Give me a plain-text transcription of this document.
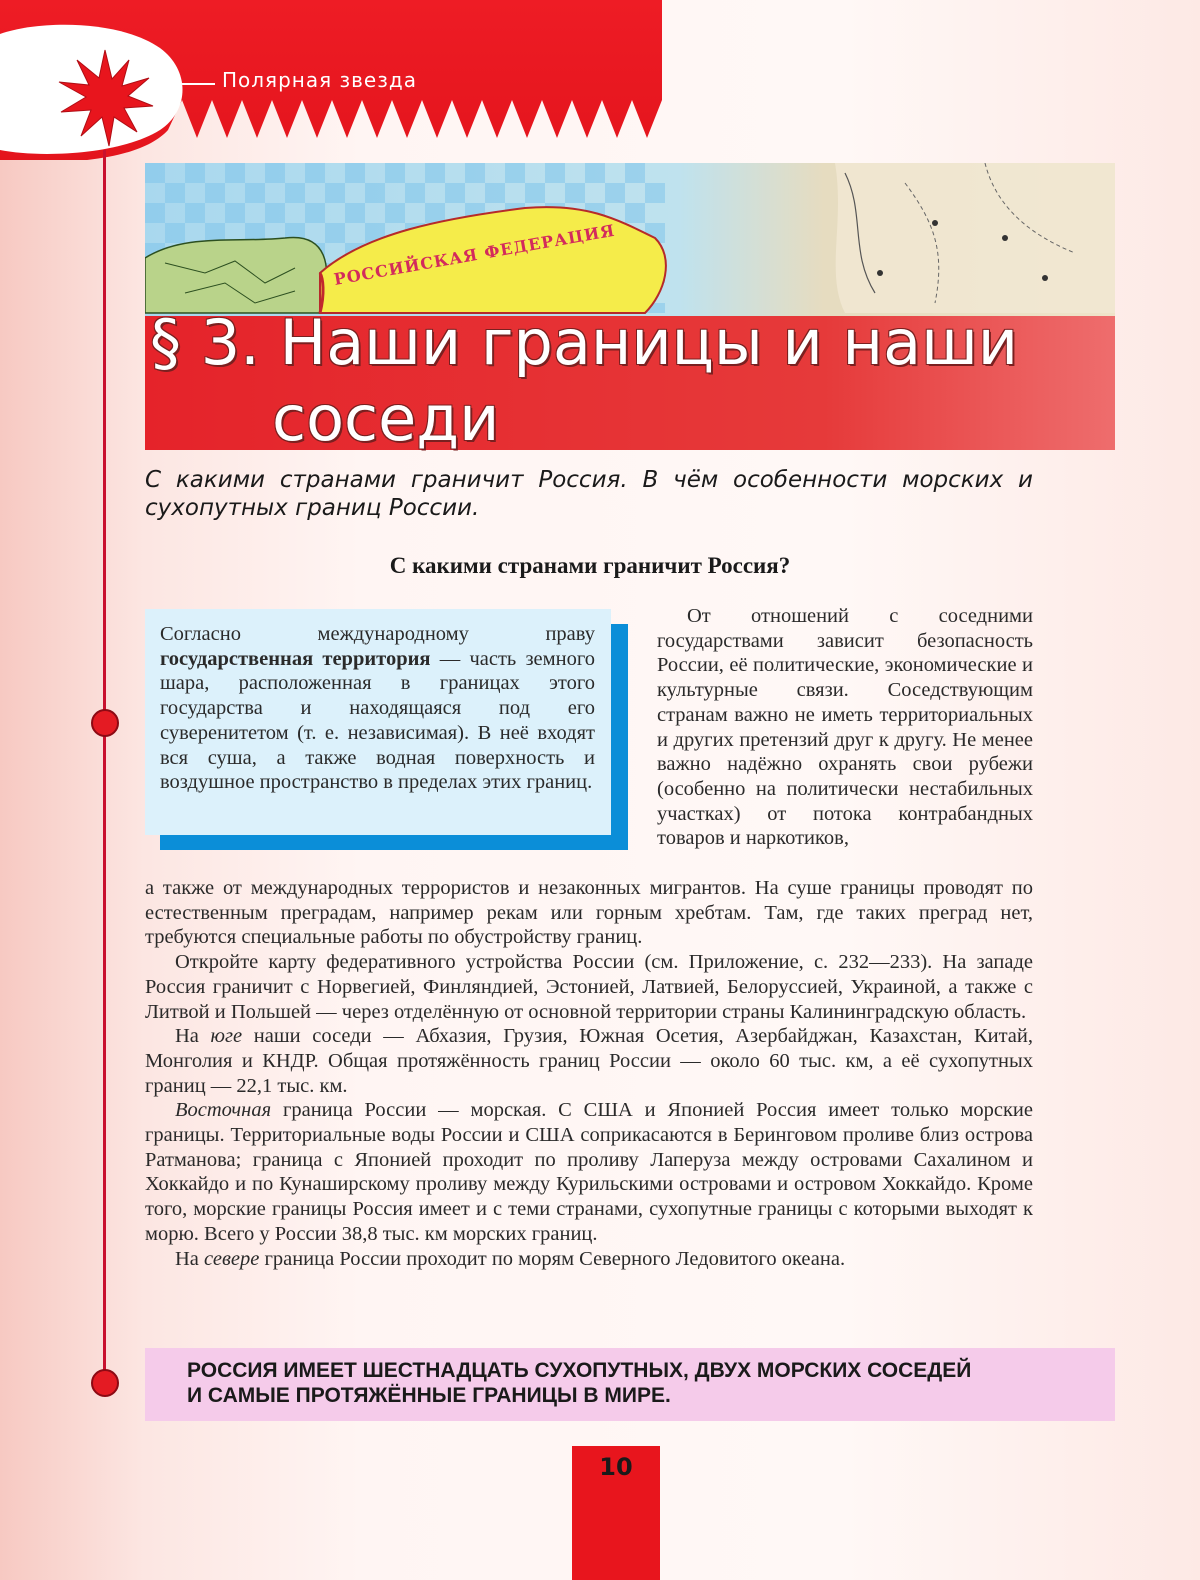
Полярная звезда
РОССИЙСКАЯ ФЕДЕРАЦИЯ
§ 3. Наши границы и наши
соседи
С какими странами граничит Россия. В чём особенности морских и сухопутных границ России.
С какими странами граничит Россия?
Согласно международному праву государственная территория — часть земного шара, расположенная в границах этого государства и находящаяся под его суверенитетом (т. е. независимая). В неё входят вся суша, а также водная поверхность и воздушное пространство в пределах этих границ.

От отношений с соседними государствами зависит безопасность России, её политические, экономические и культурные связи. Соседствующим странам важно не иметь территориальных и других претензий друг к другу. Не менее важно надёжно охранять свои рубежи (особенно на политически нестабильных участках) от потока контрабандных товаров и наркотиков,

а также от международных террористов и незаконных мигрантов. На суше границы проводят по естественным преградам, например рекам или горным хребтам. Там, где таких преград нет, требуются специальные работы по обустройству границ.

Откройте карту федеративного устройства России (см. Приложение, с. 232—233). На западе Россия граничит с Норвегией, Финляндией, Эстонией, Латвией, Белоруссией, Украиной, а также с Литвой и Польшей — через отделённую от основной территории страны Калининградскую область.

На юге наши соседи — Абхазия, Грузия, Южная Осетия, Азербайджан, Казахстан, Китай, Монголия и КНДР. Общая протяжённость границ России — около 60 тыс. км, а её сухопутных границ — 22,1 тыс. км.

Восточная граница России — морская. С США и Японией Россия имеет только морские границы. Территориальные воды России и США соприкасаются в Беринговом проливе близ острова Ратманова; граница с Японией проходит по проливу Лаперуза между островами Сахалином и Хоккайдо и по Кунаширскому проливу между Курильскими островами и островом Хоккайдо. Кроме того, морские границы Россия имеет и с теми странами, сухопутные границы с которыми выходят к морю. Всего у России 38,8 тыс. км морских границ.

На севере граница России проходит по морям Северного Ледовитого океана.

РОССИЯ ИМЕЕТ ШЕСТНАДЦАТЬ СУХОПУТНЫХ, ДВУХ МОРСКИХ СОСЕДЕЙ
И САМЫЕ ПРОТЯЖЁННЫЕ ГРАНИЦЫ В МИРЕ.
10
